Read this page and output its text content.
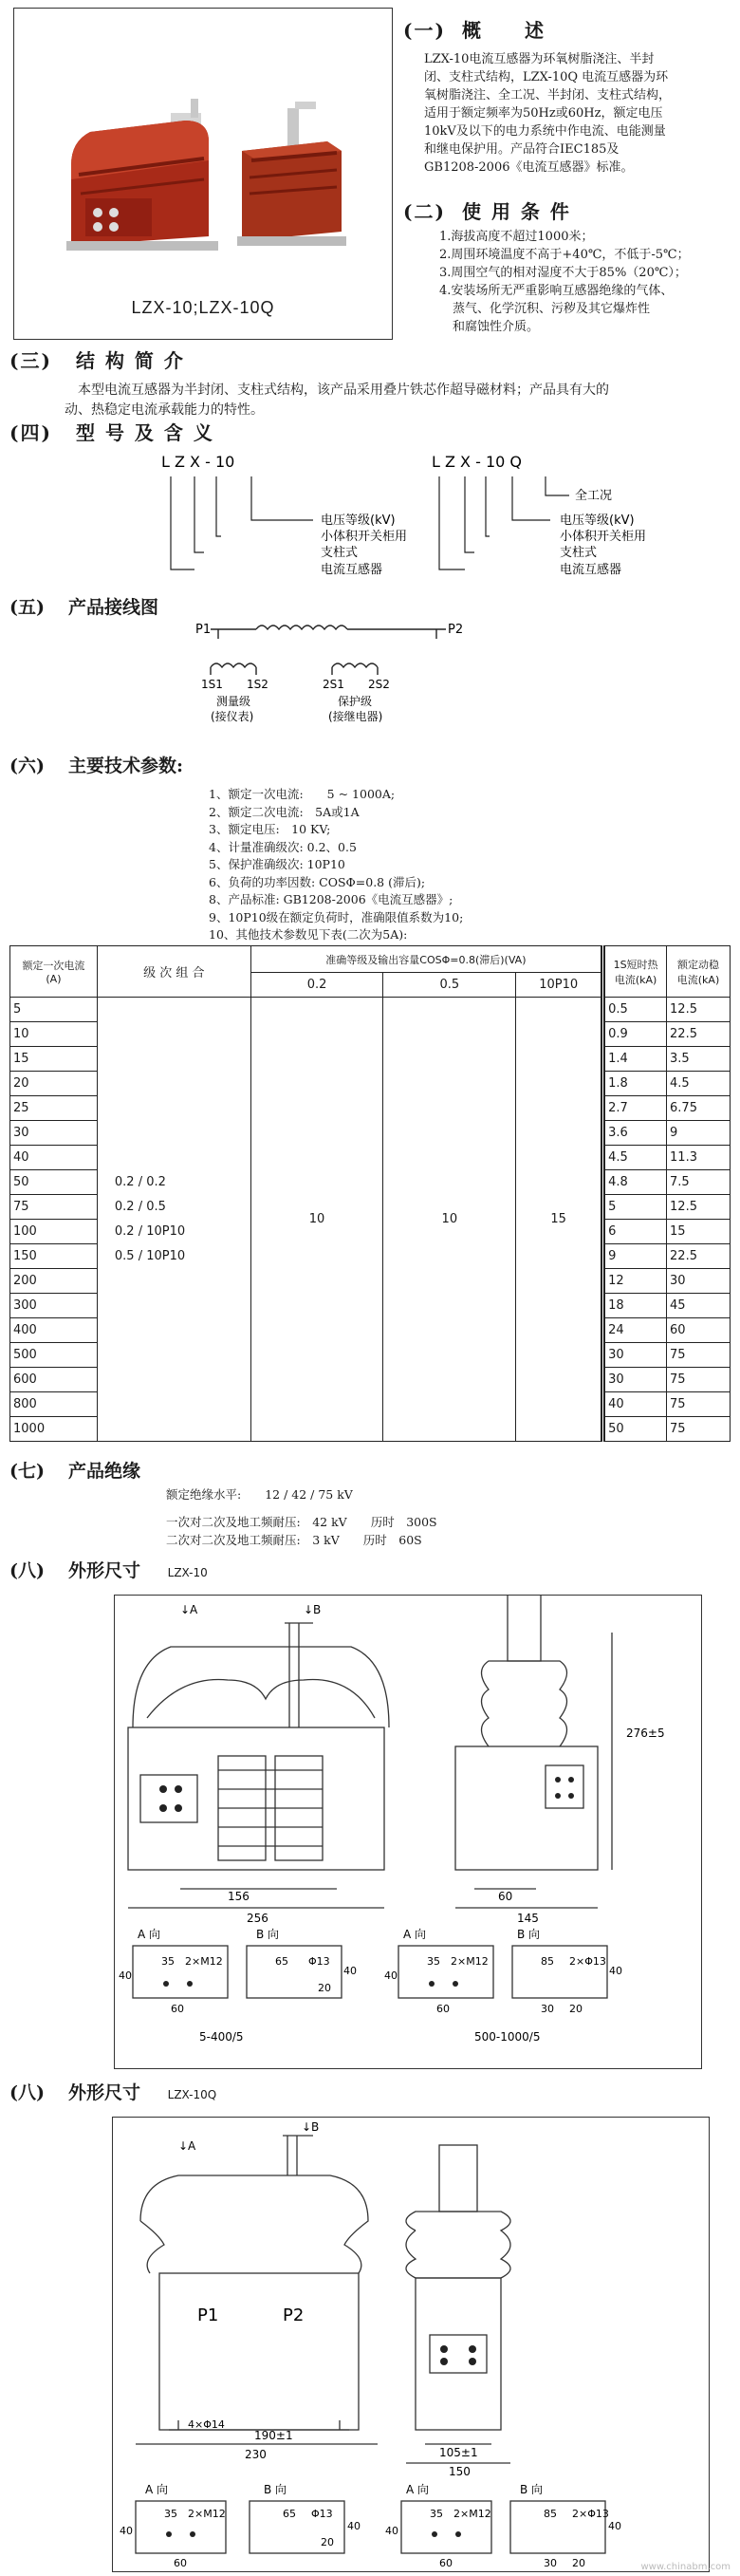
LZX-10;LZX-10Q
(一) 概　　述
LZX-10电流互感器为环氧树脂浇注、半封
闭、支柱式结构，LZX-10Q 电流互感器为环
氧树脂浇注、全工况、半封闭、支柱式结构，
适用于额定频率为50Hz或60Hz，额定电压
10kV及以下的电力系统中作电流、电能测量
和继电保护用。产品符合IEC185及
GB1208-2006《电流互感器》标准。
(二) 使 用 条 件
1.海拔高度不超过1000米；
2.周围环境温度不高于+40℃，不低于-5℃；
3.周围空气的相对湿度不大于85%（20℃）；
4.安装场所无严重影响互感器绝缘的气体、
蒸气、化学沉积、污秽及其它爆炸性
和腐蚀性介质。
(三) 结 构 简 介
本型电流互感器为半封闭、支柱式结构，该产品采用叠片铁芯作超导磁材料；产品具有大的
动、热稳定电流承载能力的特性。
(四) 型 号 及 含 义
L Z X - 10
电压等级(kV)
小体积开关柜用
支柱式
电流互感器
L Z X - 10 Q
全工况
电压等级(kV)
小体积开关柜用
支柱式
电流互感器
(五) 产品接线图
P1	P2
1S1 1S2	2S1 2S2
测量级
(接仪表)
保护级
(接继电器)
(六) 主要技术参数:
1、额定一次电流:　　5 ~ 1000A;
2、额定二次电流:　5A或1A
3、额定电压:　10 KV;
4、计量准确级次: 0.2、0.5
5、保护准确级次: 10P10
6、负荷的功率因数: COSΦ=0.8 (滞后);
8、产品标准: GB1208-2006《电流互感器》;
9、10P10级在额定负荷时，准确限值系数为10;
10、其他技术参数见下表(二次为5A):
额定一次电流
(A)	级 次 组 合	准确等级及输出容量COSΦ=0.8(滞后)(VA)			1S短时热
电流(kA)	额定动稳
电流(kA)
		0.2	0.5	10P10		
5	0.2 / 0.2
0.2 / 0.5
0.2 / 10P10
0.5 / 10P10	10	10	15	0.5	12.5
10					0.9	22.5
15					1.4	3.5
20					1.8	4.5
25					2.7	6.75
30					3.6	9
40					4.5	11.3
50					4.8	7.5
75					5	12.5
100					6	15
150					9	22.5
200					12	30
300					18	45
400					24	60
500					30	75
600					30	75
800					40	75
1000					50	75
(七) 产品绝缘
额定绝缘水平:　　12 / 42 / 75 kV
一次对二次及地工频耐压:　42 kV　　历时　300S
二次对二次及地工频耐压:　3 kV　　历时　60S
(八) 外形尺寸 LZX-10
156
256
60
145
276±5
↓A	↓B
A 向	B 向	A 向	B 向
35 2×M12
40
60
65 Φ13
40
20
35 2×M12
40
60
85 2×Φ13
40
30 20
5-400/5	500-1000/5
(八) 外形尺寸 LZX-10Q
P1	P2
4×Φ14
190±1
230	105±1
150
↓A
↓B
A 向	B 向	A 向	B 向
35 2×M12
40
60
65 Φ13
40
20
35 2×M12
40
60
85 2×Φ13
40
30 20	www.chinabm.com
